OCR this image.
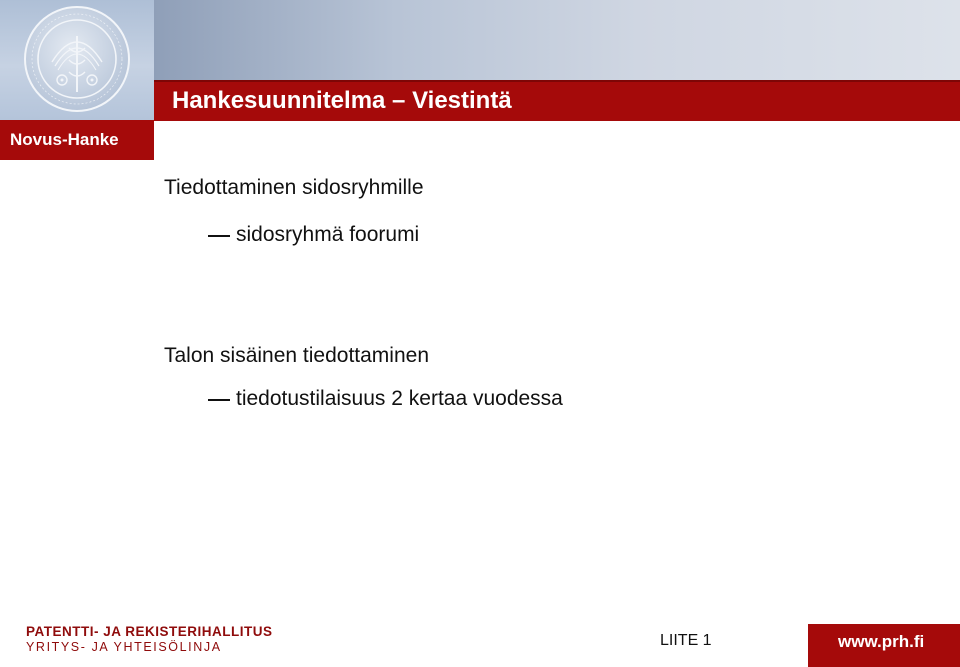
Hankesuunnitelma – Viestintä
Novus-Hanke
Tiedottaminen sidosryhmille
sidosryhmä foorumi
Talon sisäinen tiedottaminen
tiedotustilaisuus 2 kertaa vuodessa
PATENTTI- JA REKISTERIHALLITUS
YRITYS- JA YHTEISÖLINJA	LIITE 1	www.prh.fi
